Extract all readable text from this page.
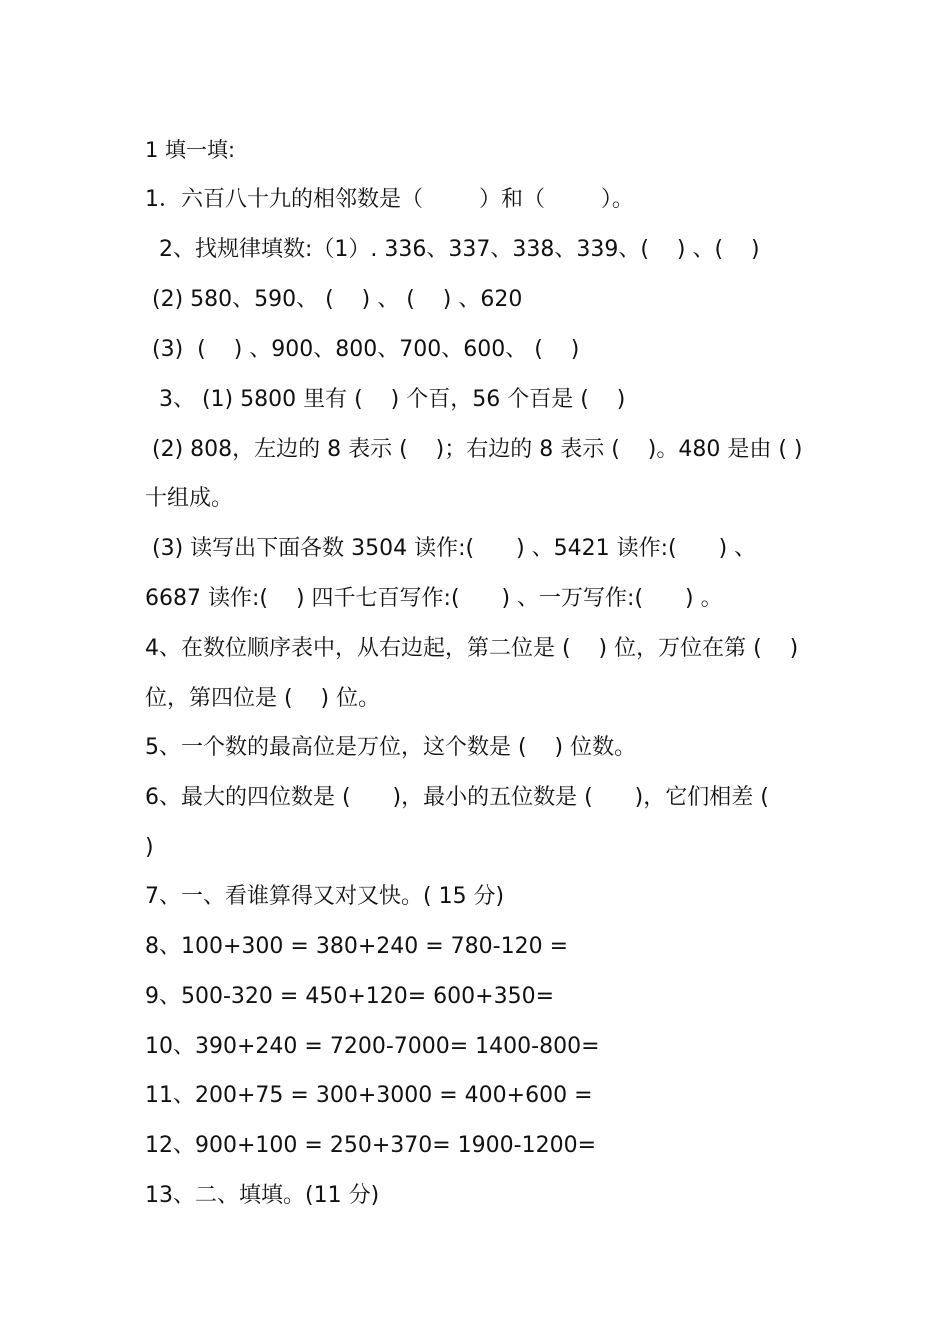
1 填一填:
1．六百八十九的相邻数是（        ）和（        ）。
2、找规律填数:（1）. 336、337、338、339、(    ) 、(    )
(2) 580、590、 (    ) 、 (    ) 、620
(3)  (    ) 、900、800、700、600、 (    )
3、 (1) 5800 里有 (    ) 个百，56 个百是 (    )
(2) 808，左边的 8 表示 (    )；右边的 8 表示 (    )。480 是由 ( )
十组成。
(3) 读写出下面各数 3504 读作:(      ) 、5421 读作:(      ) 、
6687 读作:(    ) 四千七百写作:(      ) 、一万写作:(      ) 。
4、在数位顺序表中，从右边起，第二位是 (    ) 位，万位在第 (    )
位，第四位是 (    ) 位。
5、一个数的最高位是万位，这个数是 (    ) 位数。
6、最大的四位数是 (      )，最小的五位数是 (      )，它们相差 (
)
7、一、看谁算得又对又快。( 15 分)
8、100+300 = 380+240 = 780-120 =
9、500-320 = 450+120= 600+350=
10、390+240 = 7200-7000= 1400-800=
11、200+75 = 300+3000 = 400+600 =
12、900+100 = 250+370= 1900-1200=
13、二、填填。(11 分)
